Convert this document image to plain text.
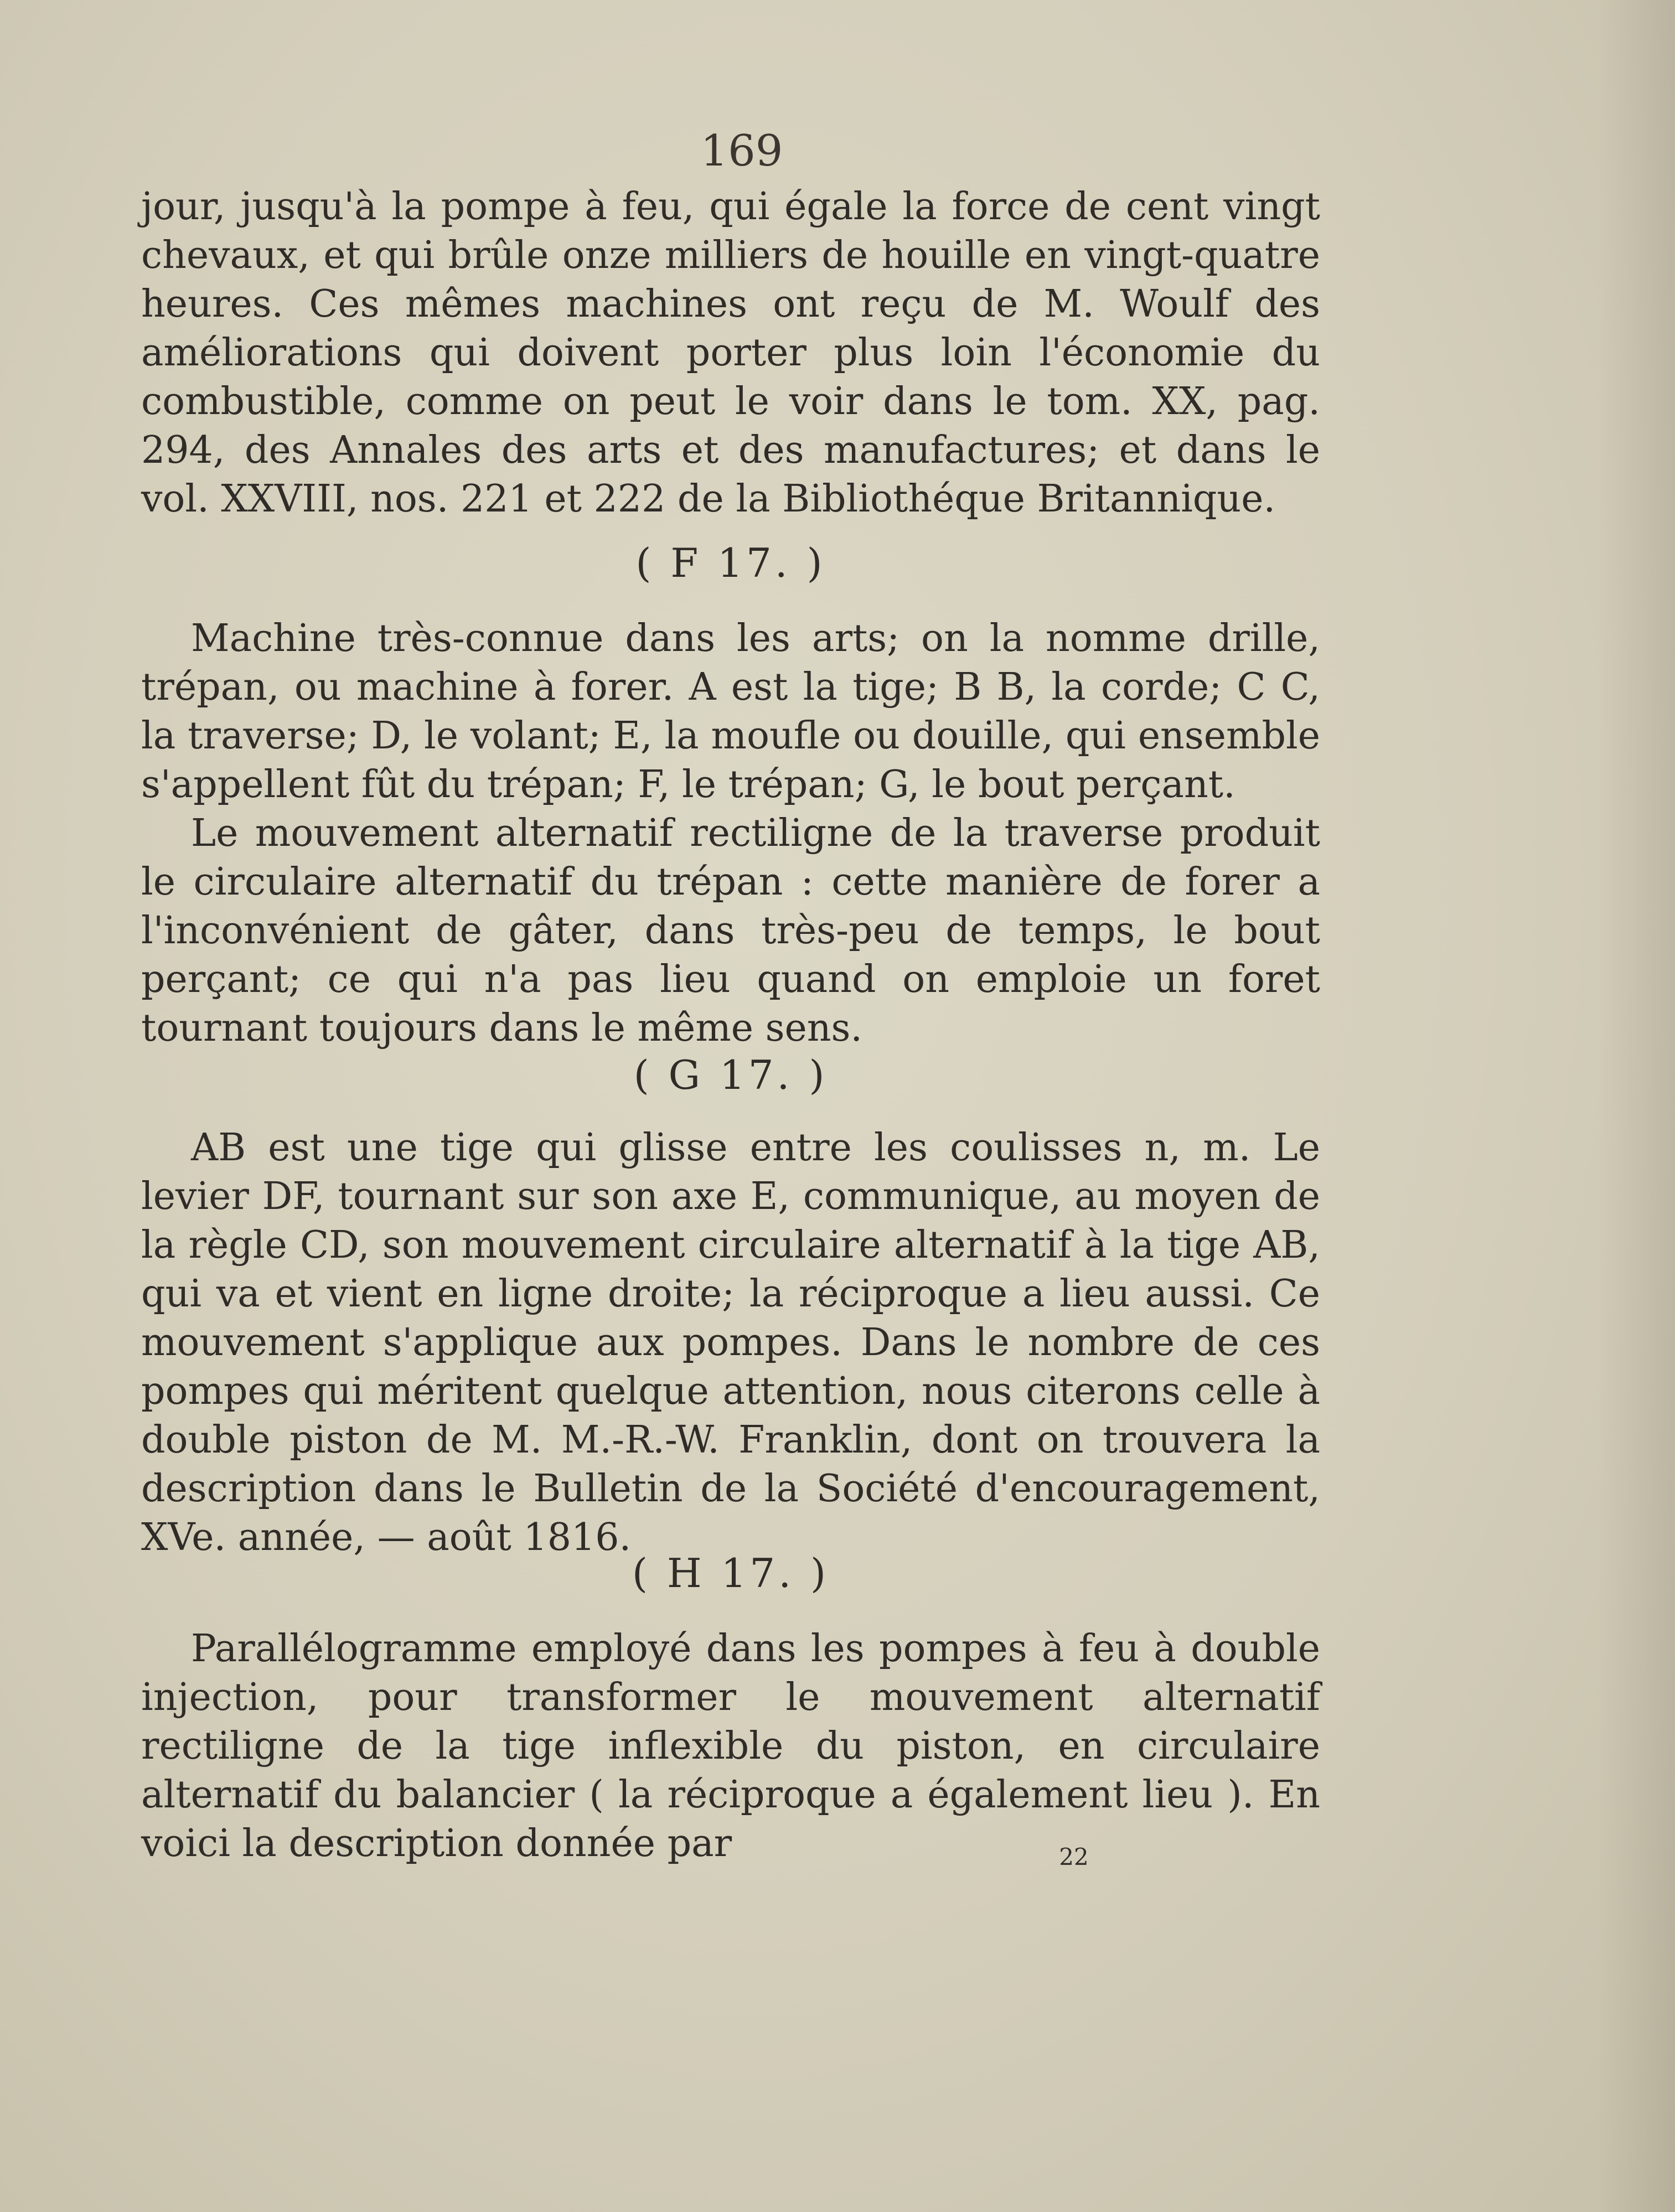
169

jour, jusqu'à la pompe à feu, qui égale la force de cent vingt chevaux, et qui brûle onze milliers de houille en vingt-quatre heures. Ces mêmes machines ont reçu de M. Woulf des améliorations qui doivent porter plus loin l'économie du combustible, comme on peut le voir dans le tom. XX, pag. 294, des Annales des arts et des manufactures; et dans le vol. XXVIII, nos. 221 et 222 de la Bibliothéque Britannique.

( F 17. )

Machine très-connue dans les arts; on la nomme drille, trépan, ou machine à forer. A est la tige; B B, la corde; C C, la traverse; D, le volant; E, la moufle ou douille, qui ensemble s'appellent fût du trépan; F, le trépan; G, le bout perçant.

Le mouvement alternatif rectiligne de la traverse produit le circulaire alternatif du trépan : cette manière de forer a l'inconvénient de gâter, dans très-peu de temps, le bout perçant; ce qui n'a pas lieu quand on emploie un foret tournant toujours dans le même sens.

( G 17. )

AB est une tige qui glisse entre les coulisses n, m. Le levier DF, tournant sur son axe E, communique, au moyen de la règle CD, son mouvement circulaire alternatif à la tige AB, qui va et vient en ligne droite; la réciproque a lieu aussi. Ce mouvement s'applique aux pompes. Dans le nombre de ces pompes qui méritent quelque attention, nous citerons celle à double piston de M. M.-R.-W. Franklin, dont on trouvera la description dans le Bulletin de la Société d'encouragement, XVe. année, — août 1816.

( H 17. )

Parallélogramme employé dans les pompes à feu à double injection, pour transformer le mouvement alternatif rectiligne de la tige inflexible du piston, en circulaire alternatif du balancier ( la réciproque a également lieu ). En voici la description donnée par	22
